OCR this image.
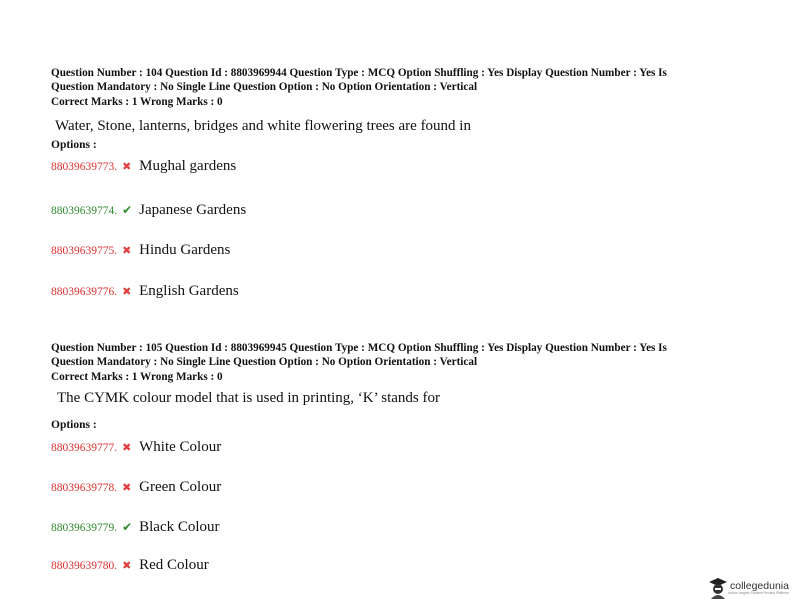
Question Number : 104 Question Id : 8803969944 Question Type : MCQ Option Shuffling : Yes Display Question Number : Yes Is
Question Mandatory : No Single Line Question Option : No Option Orientation : Vertical
Correct Marks : 1 Wrong Marks : 0
Water, Stone, lanterns, bridges and white flowering trees are found in
Options :
88039639773. ✖ Mughal gardens
88039639774. ✔ Japanese Gardens
88039639775. ✖ Hindu Gardens
88039639776. ✖ English Gardens
Question Number : 105 Question Id : 8803969945 Question Type : MCQ Option Shuffling : Yes Display Question Number : Yes Is
Question Mandatory : No Single Line Question Option : No Option Orientation : Vertical
Correct Marks : 1 Wrong Marks : 0
The CYMK colour model that is used in printing, ‘K’ stands for
Options :
88039639777. ✖ White Colour
88039639778. ✖ Green Colour
88039639779. ✔ Black Colour
88039639780. ✖ Red Colour
collegedunia
India's largest Student Review Platform
